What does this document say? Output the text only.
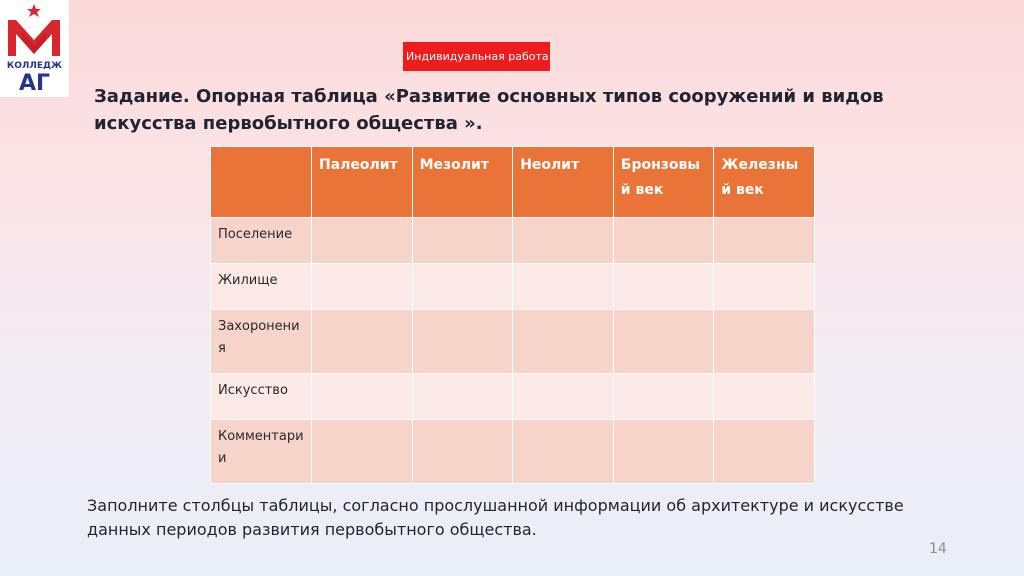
КОЛЛЕДЖ
АГ
Индивидуальная работа
Задание. Опорная таблица «Развитие основных типов сооружений и видов искусства первобытного общества ».
	Палеолит	Мезолит	Неолит	Бронзовый век	Железный век
Поселение					
Жилище					
Захоронения					
Искусство					
Комментарии					

Заполните столбцы таблицы, согласно прослушанной информации об архитектуре и искусстве данных периодов развития первобытного общества.

14
